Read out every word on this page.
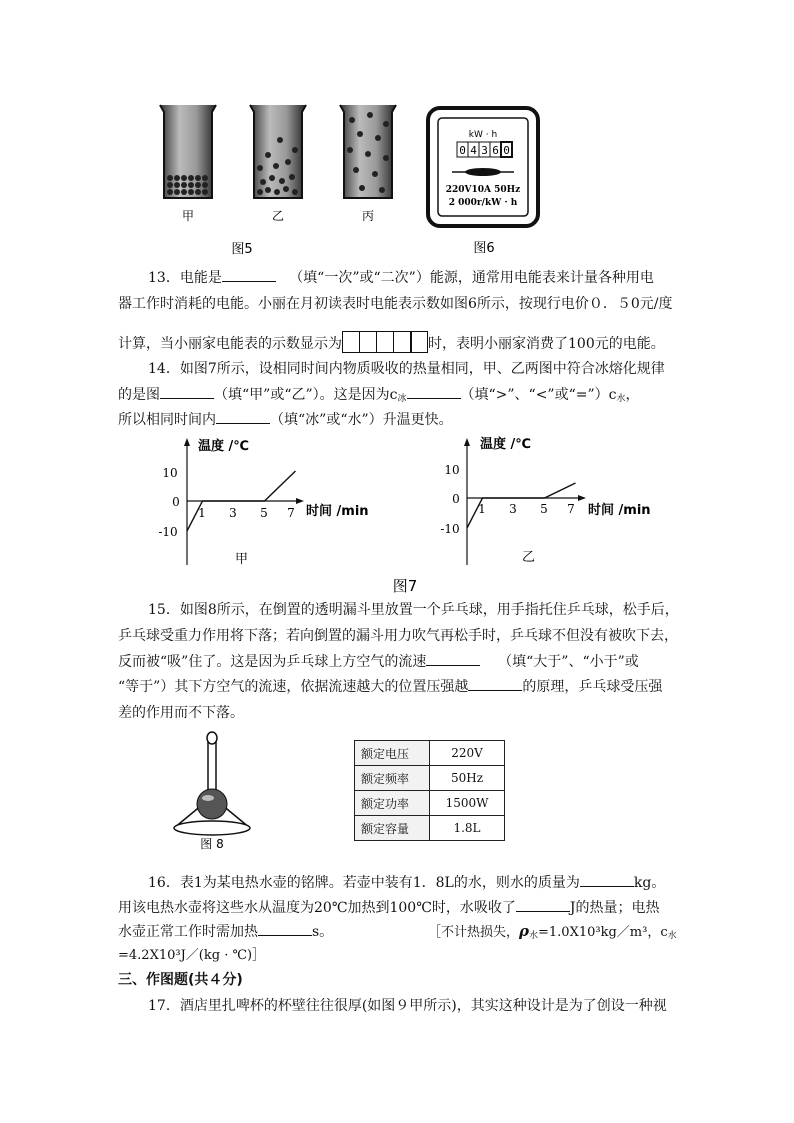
甲	乙	丙
图5
kW · h
0 4 3 6 0
220V10A 50Hz
2 000r/kW · h
图6
13．电能是	（填“一次”或“二次”）能源，通常用电能表来计量各种用电
器工作时消耗的电能。小丽在月初读表时电能表示数如图6所示，按现行电价０．５0元/度
计算，当小丽家电能表的示数显示为	时，表明小丽家消费了100元的电能。
14．如图7所示，设相同时间内物质吸收的热量相同，甲、乙两图中符合冰熔化规律
的是图	（填“甲”或“乙”）。这是因为$c_冰$	（填“>”、“<”或“$=”)c_水$，
所以相同时间内	（填“冰”或“水”）升温更快。
温度 /℃
时间 /min
10
0
-10
1 3 5 7
甲
温度 /℃
时间 /min
10
0
-10
1 3 5 7
乙
图7
15．如图8所示，在倒置的透明漏斗里放置一个乒乓球，用手指托住乒乓球，松手后，
乒乓球受重力作用将下落；若向倒置的漏斗用力吹气再松手时，乒乓球不但没有被吹下去，
反而被“吸”住了。这是因为乒乓球上方空气的流速	（填“大于”、“小于”或
“等于”）其下方空气的流速，依据流速越大的位置压强越	的原理，乒乓球受压强
差的作用而不下落。
图 8
额定电压	220V
额定频率	50Hz
额定功率	1500W
额定容量	1.8L
16．表1为某电热水壶的铭牌。若壶中装有1．8L的水，则水的质量为	kg。
用该电热水壶将这些水从温度为20℃加热到100℃时，水吸收了	J的热量；电热
水壶正常工作时需加热	s。	［不计热损失，$\rho_水=1.0X10^3kg/m^3$，$c_水$
=4.2X10³J／(kg · ℃)］
三、作图题(共４分)
17．酒店里扎啤杯的杯壁往往很厚(如图９甲所示)，其实这种设计是为了创设一种视
